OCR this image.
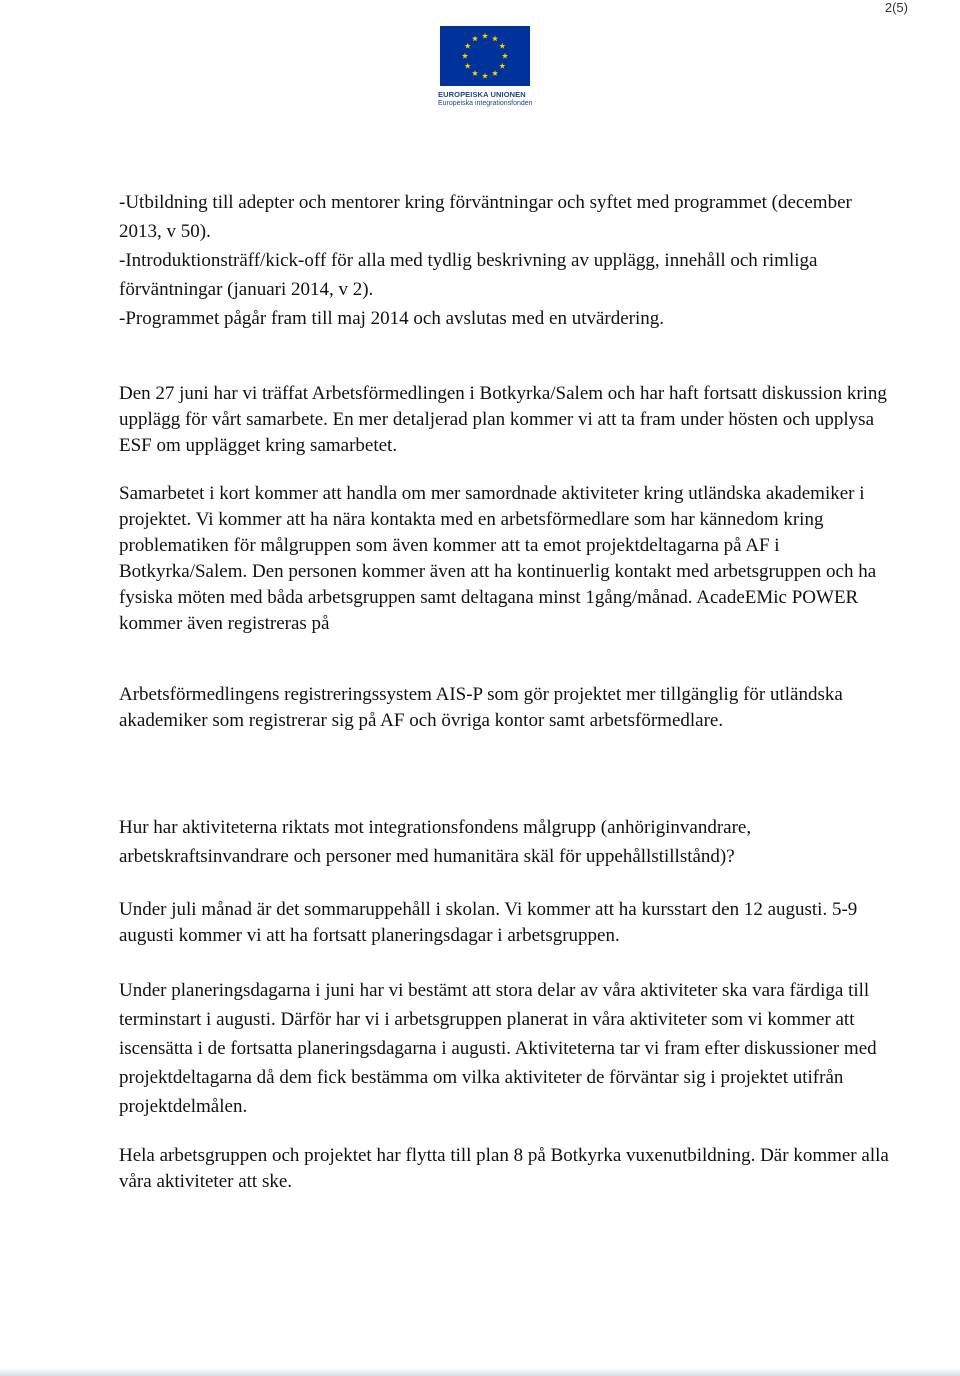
2(5)
EUROPEISKA UNIONEN
Europeiska integrationsfonden

-Utbildning till adepter och mentorer kring förväntningar och syftet med programmet (december 2013, v 50).

-Introduktionsträff/kick-off för alla med tydlig beskrivning av upplägg, innehåll och rimliga förväntningar (januari 2014, v 2).

-Programmet pågår fram till maj 2014 och avslutas med en utvärdering.

Den 27 juni har vi träffat Arbetsförmedlingen i Botkyrka/Salem och har haft fortsatt diskussion kring upplägg för vårt samarbete. En mer detaljerad plan kommer vi att ta fram under hösten och upplysa ESF om upplägget kring samarbetet.
Samarbetet i kort kommer att handla om mer samordnade aktiviteter kring utländska akademiker i projektet. Vi kommer att ha nära kontakta med en arbetsförmedlare som har kännedom kring problematiken för målgruppen som även kommer att ta emot projektdeltagarna på AF i Botkyrka/Salem. Den personen kommer även att ha kontinuerlig kontakt med arbetsgruppen och ha fysiska möten med båda arbetsgruppen samt deltagana minst 1gång/månad. AcadeEMic POWER kommer även registreras på

Arbetsförmedlingens registreringssystem AIS-P som gör projektet mer tillgänglig för utländska akademiker som registrerar sig på AF och övriga kontor samt arbetsförmedlare.

Hur har aktiviteterna riktats mot integrationsfondens målgrupp (anhöriginvandrare, arbetskraftsinvandrare och personer med humanitära skäl för uppehållstillstånd)?

Under juli månad är det sommaruppehåll i skolan. Vi kommer att ha kursstart den 12 augusti. 5-9 augusti kommer vi att ha fortsatt planeringsdagar i arbetsgruppen.

Under planeringsdagarna i juni har vi bestämt att stora delar av våra aktiviteter ska vara färdiga till terminstart i augusti. Därför har vi i arbetsgruppen planerat in våra aktiviteter som vi kommer att iscensätta i de fortsatta planeringsdagarna i augusti. Aktiviteterna tar vi fram efter diskussioner med projektdeltagarna då dem fick bestämma om vilka aktiviteter de förväntar sig i projektet utifrån projektdelmålen.

Hela arbetsgruppen och projektet har flytta till plan 8 på Botkyrka vuxenutbildning. Där kommer alla våra aktiviteter att ske.
